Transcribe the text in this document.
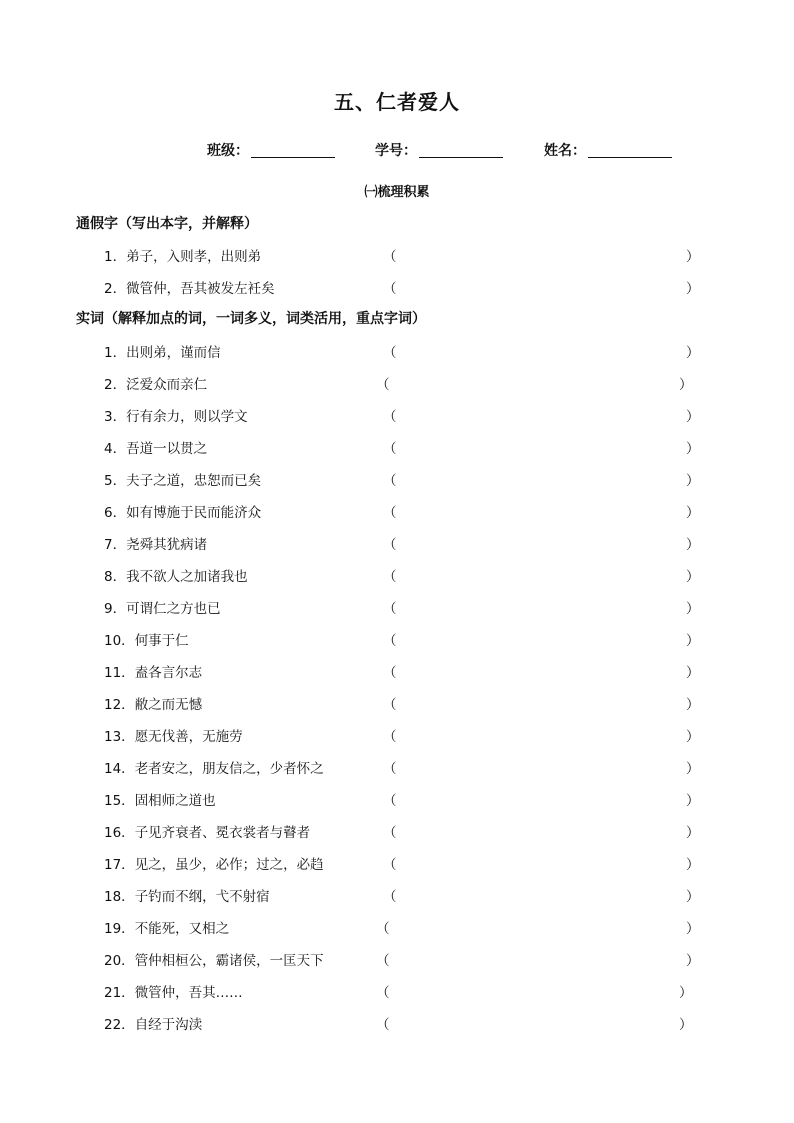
五、仁者爱人
班级：	学号：	姓名：
㈠梳理积累
通假字（写出本字，并解释）
1．弟子，入则孝，出则弟	（	）
2．微管仲，吾其被发左衽矣	（	）
实词（解释加点的词，一词多义，词类活用，重点字词）
1．出则弟，谨而信	（	）
2．泛爱众而亲仁	（	）
3．行有余力，则以学文	（	）
4．吾道一以贯之	（	）
5．夫子之道，忠恕而已矣	（	）
6．如有博施于民而能济众	（	）
7．尧舜其犹病诸	（	）
8．我不欲人之加诸我也	（	）
9．可谓仁之方也已	（	）
10．何事于仁	（	）
11．盍各言尔志	（	）
12．敝之而无憾	（	）
13．愿无伐善，无施劳	（	）
14．老者安之，朋友信之，少者怀之	（	）
15．固相师之道也	（	）
16．子见齐衰者、冕衣裳者与瞽者	（	）
17．见之，虽少，必作；过之，必趋	（	）
18．子钓而不纲，弋不射宿	（	）
19．不能死，又相之	（	）
20．管仲相桓公，霸诸侯，一匡天下	（	）
21．微管仲，吾其……	（	）
22．自经于沟渎	（	）
